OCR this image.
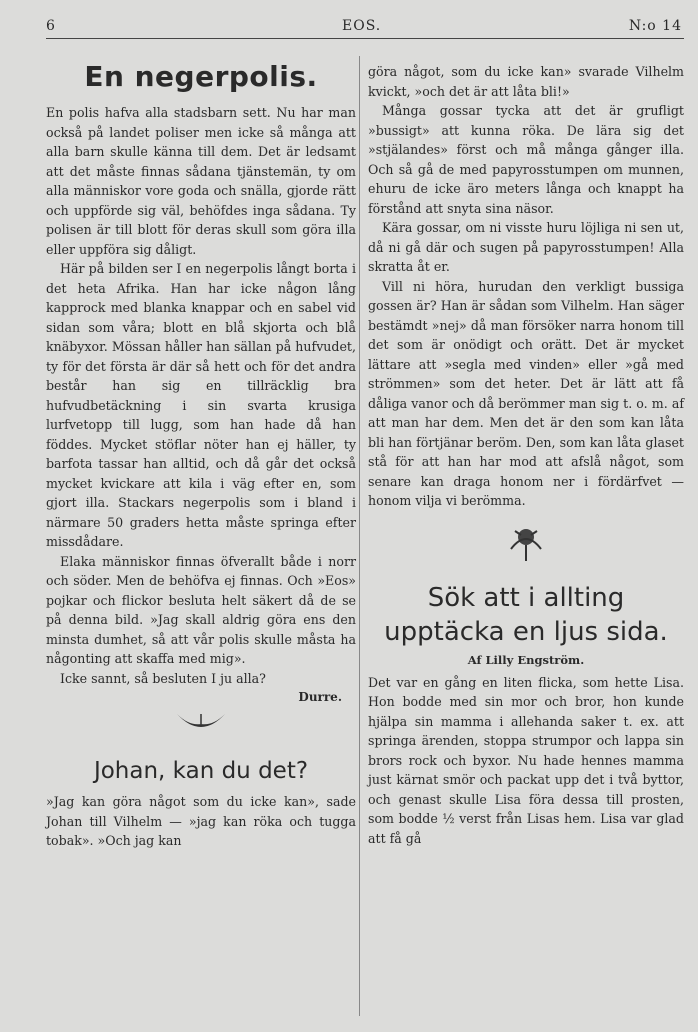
6	EOS.	N:o 14
En negerpolis.

En polis hafva alla stadsbarn sett. Nu har man också på landet poliser men icke så många att alla barn skulle känna till dem. Det är ledsamt att det måste finnas sådana tjänstemän, ty om alla människor vore goda och snälla, gjorde rätt och uppförde sig väl, behöfdes inga sådana. Ty polisen är till blott för deras skull som göra illa eller uppföra sig dåligt.

Här på bilden ser I en negerpolis långt borta i det heta Afrika. Han har icke någon lång kapprock med blanka knappar och en sabel vid sidan som våra; blott en blå skjorta och blå knäbyxor. Mössan håller han sällan på hufvudet, ty för det första är där så hett och för det andra består han sig en tillräcklig bra hufvudbetäckning i sin svarta krusiga lurfvetopp till lugg, som han hade då han föddes. Mycket stöflar nöter han ej häller, ty barfota tassar han alltid, och då går det också mycket kvickare att kila i väg efter en, som gjort illa. Stackars negerpolis som i bland i närmare 50 graders hetta måste springa efter missdådare.

Elaka människor finnas öfverallt både i norr och söder. Men de behöfva ej finnas. Och »Eos» pojkar och flickor besluta helt säkert då de se på denna bild. »Jag skall aldrig göra ens den minsta dumhet, så att vår polis skulle måsta ha någonting att skaffa med mig».

Icke sannt, så besluten I ju alla?

Durre.
Johan, kan du det?

»Jag kan göra något som du icke kan», sade Johan till Vilhelm — »jag kan röka och tugga tobak». »Och jag kan

göra något, som du icke kan» svarade Vilhelm kvickt, »och det är att låta bli!»

Många gossar tycka att det är grufligt »bussigt» att kunna röka. De lära sig det »stjälandes» först och må många gånger illa. Och så gå de med papyrosstumpen om munnen, ehuru de icke äro meters långa och knappt ha förstånd att snyta sina näsor.

Kära gossar, om ni visste huru löjliga ni sen ut, då ni gå där och sugen på papyrosstumpen! Alla skratta åt er.

Vill ni höra, hurudan den verkligt bussiga gossen är? Han är sådan som Vilhelm. Han säger bestämdt »nej» då man försöker narra honom till det som är onödigt och orätt. Det är mycket lättare att »segla med vinden» eller »gå med strömmen» som det heter. Det är lätt att få dåliga vanor och då berömmer man sig t. o. m. af att man har dem. Men det är den som kan låta bli han förtjänar beröm. Den, som kan låta glaset stå för att han har mod att afslå något, som senare kan draga honom ner i fördärfvet — honom vilja vi berömma.

Sök att i allting upptäcka en ljus sida.
Af Lilly Engström.

Det var en gång en liten flicka, som hette Lisa. Hon bodde med sin mor och bror, hon kunde hjälpa sin mamma i allehanda saker t. ex. att springa ärenden, stoppa strumpor och lappa sin brors rock och byxor. Nu hade hennes mamma just kärnat smör och packat upp det i två byttor, och genast skulle Lisa föra dessa till prosten, som bodde ½ verst från Lisas hem. Lisa var glad att få gå
